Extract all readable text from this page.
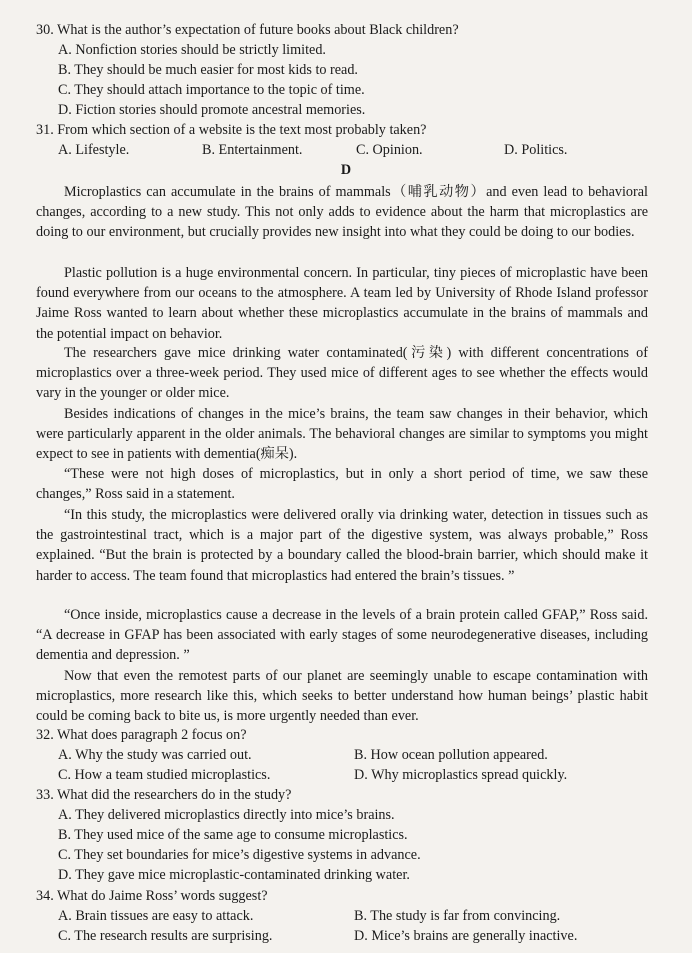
30. What is the author’s expectation of future books about Black children?
A. Nonfiction stories should be strictly limited.
B. They should be much easier for most kids to read.
C. They should attach importance to the topic of time.
D. Fiction stories should promote ancestral memories.
31. From which section of a website is the text most probably taken?
A. Lifestyle.	B. Entertainment.	C. Opinion.	D. Politics.
D
Microplastics can accumulate in the brains of mammals（哺乳动物）and even lead to behavioral changes, according to a new study. This not only adds to evidence about the harm that microplastics are doing to our environment, but crucially provides new insight into what they could be doing to our bodies.
Plastic pollution is a huge environmental concern. In particular, tiny pieces of microplastic have been found everywhere from our oceans to the atmosphere. A team led by University of Rhode Island professor Jaime Ross wanted to learn about whether these microplastics accumulate in the brains of mammals and the potential impact on behavior.
The researchers gave mice drinking water contaminated(污染) with different concentrations of microplastics over a three-week period. They used mice of different ages to see whether the effects would vary in the younger or older mice.
Besides indications of changes in the mice’s brains, the team saw changes in their behavior, which were particularly apparent in the older animals. The behavioral changes are similar to symptoms you might expect to see in patients with dementia(痴呆).
“These were not high doses of microplastics, but in only a short period of time, we saw these changes,” Ross said in a statement.
“In this study, the microplastics were delivered orally via drinking water, detection in tissues such as the gastrointestinal tract, which is a major part of the digestive system, was always probable,” Ross explained. “But the brain is protected by a boundary called the blood-brain barrier, which should make it harder to access. The team found that microplastics had entered the brain’s tissues. ”
“Once inside, microplastics cause a decrease in the levels of a brain protein called GFAP,” Ross said. “A decrease in GFAP has been associated with early stages of some neurodegenerative diseases, including dementia and depression. ”
Now that even the remotest parts of our planet are seemingly unable to escape contamination with microplastics, more research like this, which seeks to better understand how human beings’ plastic habit could be coming back to bite us, is more urgently needed than ever.
32. What does paragraph 2 focus on?
A. Why the study was carried out.	B. How ocean pollution appeared.
C. How a team studied microplastics.	D. Why microplastics spread quickly.
33. What did the researchers do in the study?
A. They delivered microplastics directly into mice’s brains.
B. They used mice of the same age to consume microplastics.
C. They set boundaries for mice’s digestive systems in advance.
D. They gave mice microplastic-contaminated drinking water.
34. What do Jaime Ross’ words suggest?
A. Brain tissues are easy to attack.	B. The study is far from convincing.
C. The research results are surprising.	D. Mice’s brains are generally inactive.
